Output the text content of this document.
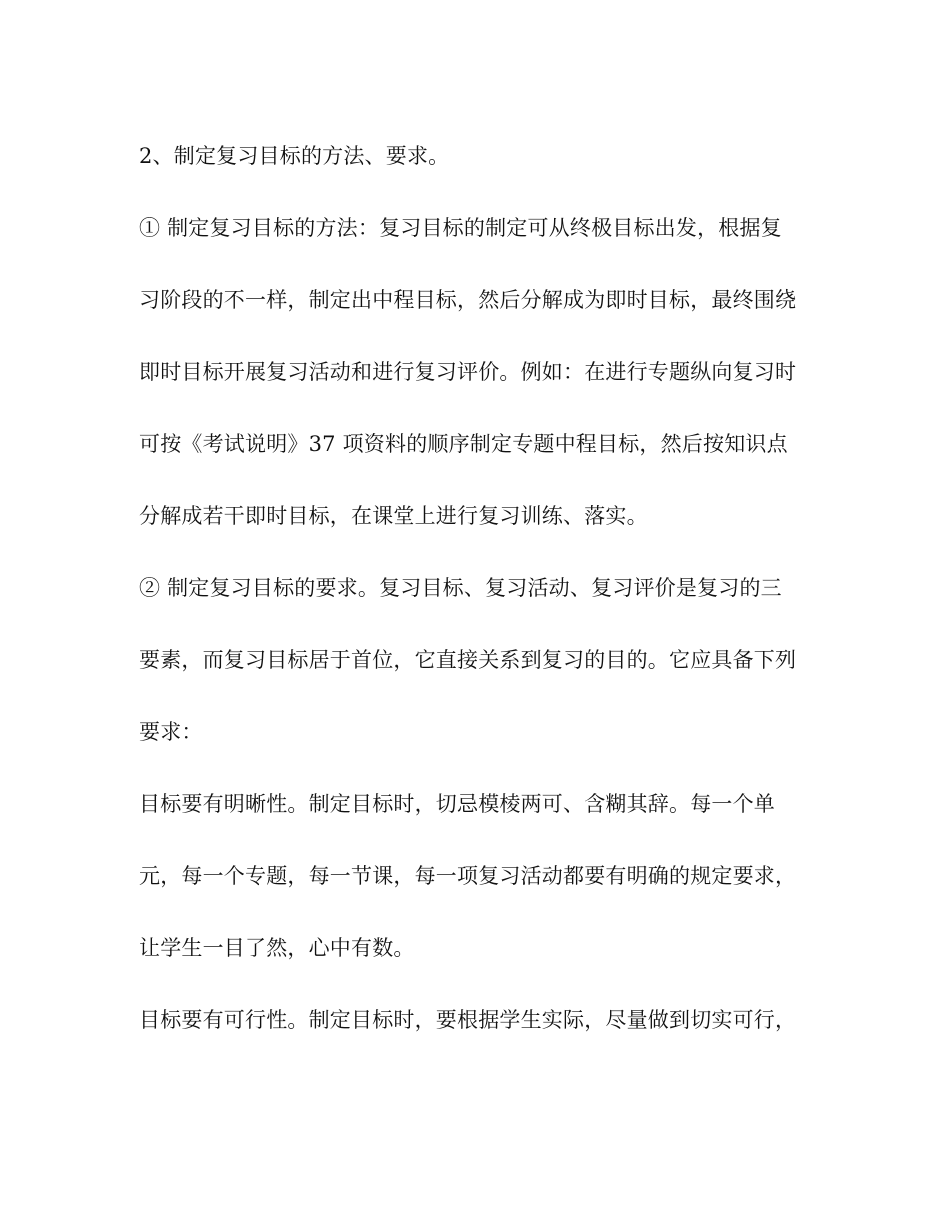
2、制定复习目标的方法、要求。
① 制定复习目标的方法：复习目标的制定可从终极目标出发，根据复
习阶段的不一样，制定出中程目标，然后分解成为即时目标，最终围绕
即时目标开展复习活动和进行复习评价。例如：在进行专题纵向复习时
可按《考试说明》37 项资料的顺序制定专题中程目标，然后按知识点
分解成若干即时目标，在课堂上进行复习训练、落实。
② 制定复习目标的要求。复习目标、复习活动、复习评价是复习的三
要素，而复习目标居于首位，它直接关系到复习的目的。它应具备下列
要求：
目标要有明晰性。制定目标时，切忌模棱两可、含糊其辞。每一个单
元，每一个专题，每一节课，每一项复习活动都要有明确的规定要求，
让学生一目了然，心中有数。
目标要有可行性。制定目标时，要根据学生实际，尽量做到切实可行，
